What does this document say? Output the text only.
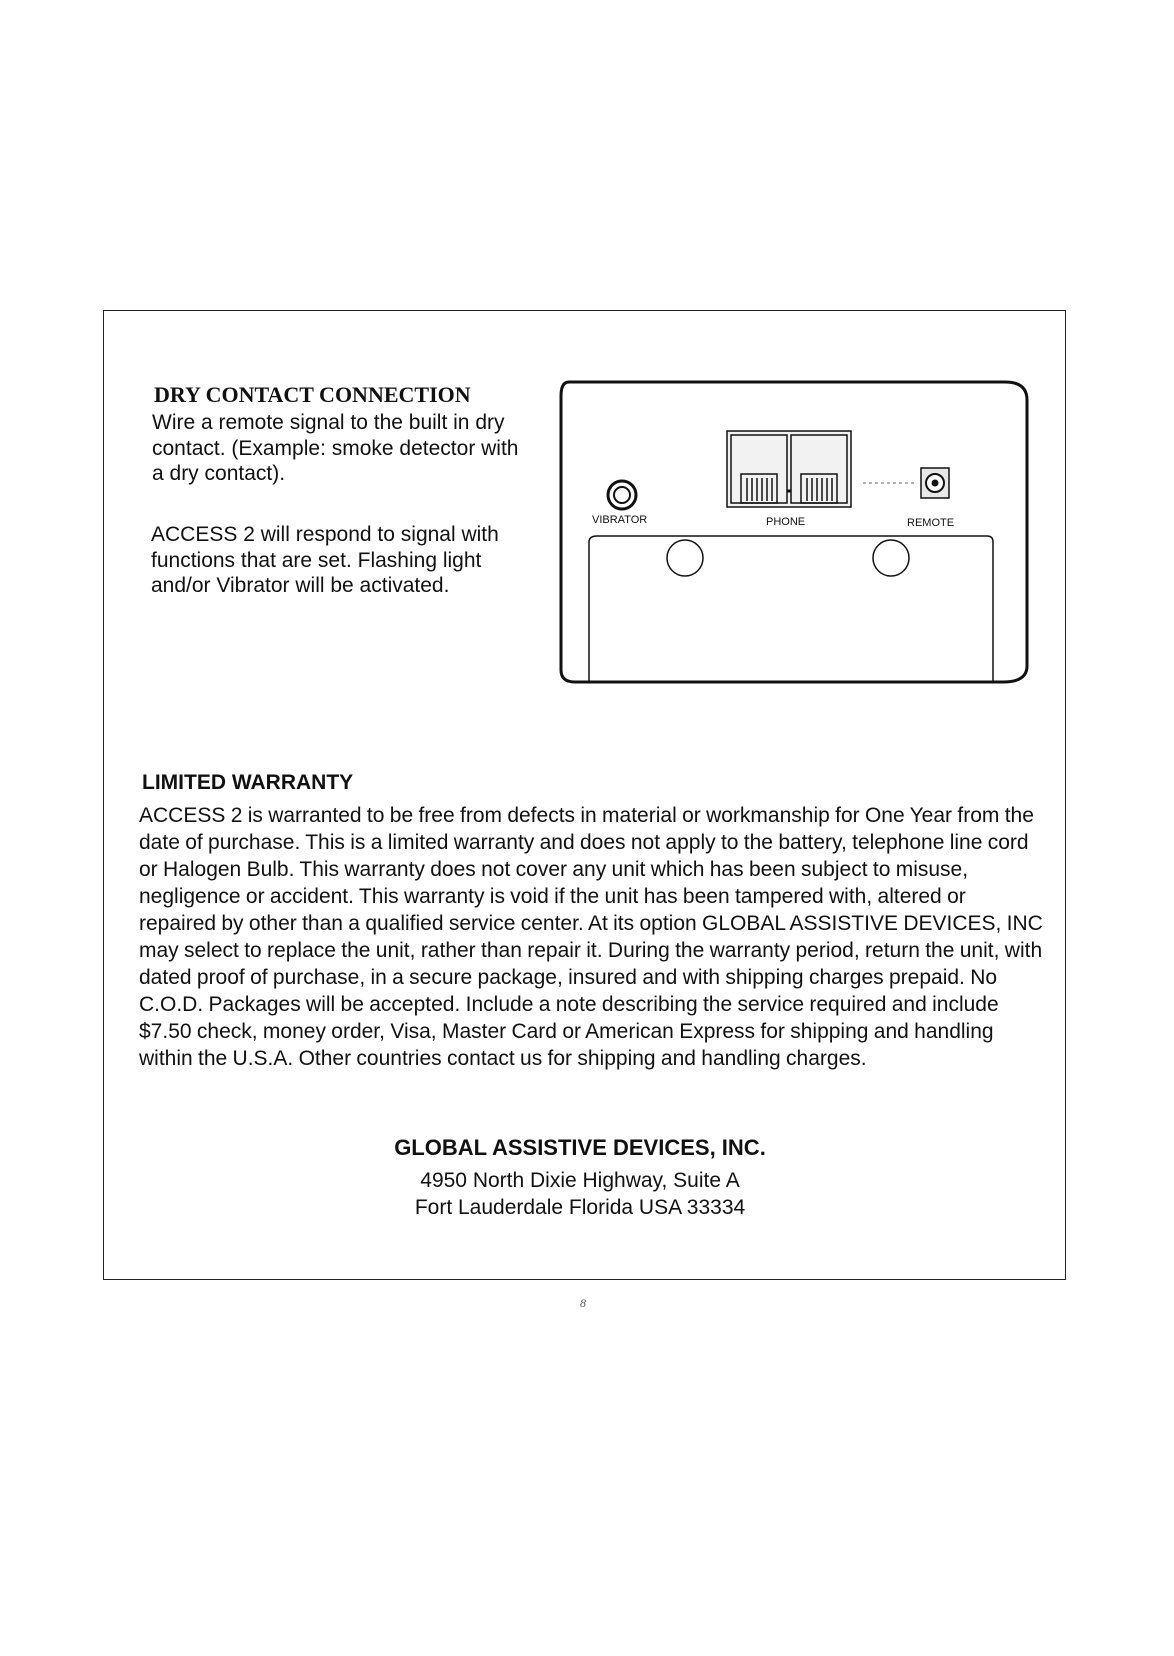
DRY CONTACT CONNECTION

Wire a remote signal to the built in dry contact. (Example: smoke detector with a dry contact).

ACCESS 2 will respond to signal with functions that are set. Flashing light and/or Vibrator will be activated.

VIBRATOR	PHONE	REMOTE
LIMITED WARRANTY

ACCESS 2 is warranted to be free from defects in material or workmanship for One Year from the date of purchase. This is a limited warranty and does not apply to the battery, telephone line cord or Halogen Bulb. This warranty does not cover any unit which has been subject to misuse, negligence or accident. This warranty is void if the unit has been tampered with, altered or repaired by other than a qualified service center. At its option GLOBAL ASSISTIVE DEVICES, INC may select to replace the unit, rather than repair it. During the warranty period, return the unit, with dated proof of purchase, in a secure package, insured and with shipping charges prepaid. No C.O.D. Packages will be accepted. Include a note describing the service required and include $7.50 check, money order, Visa, Master Card or American Express for shipping and handling within the U.S.A. Other countries contact us for shipping and handling charges.

GLOBAL ASSISTIVE DEVICES, INC.

4950 North Dixie Highway, Suite A
Fort Lauderdale Florida USA 33334
8
